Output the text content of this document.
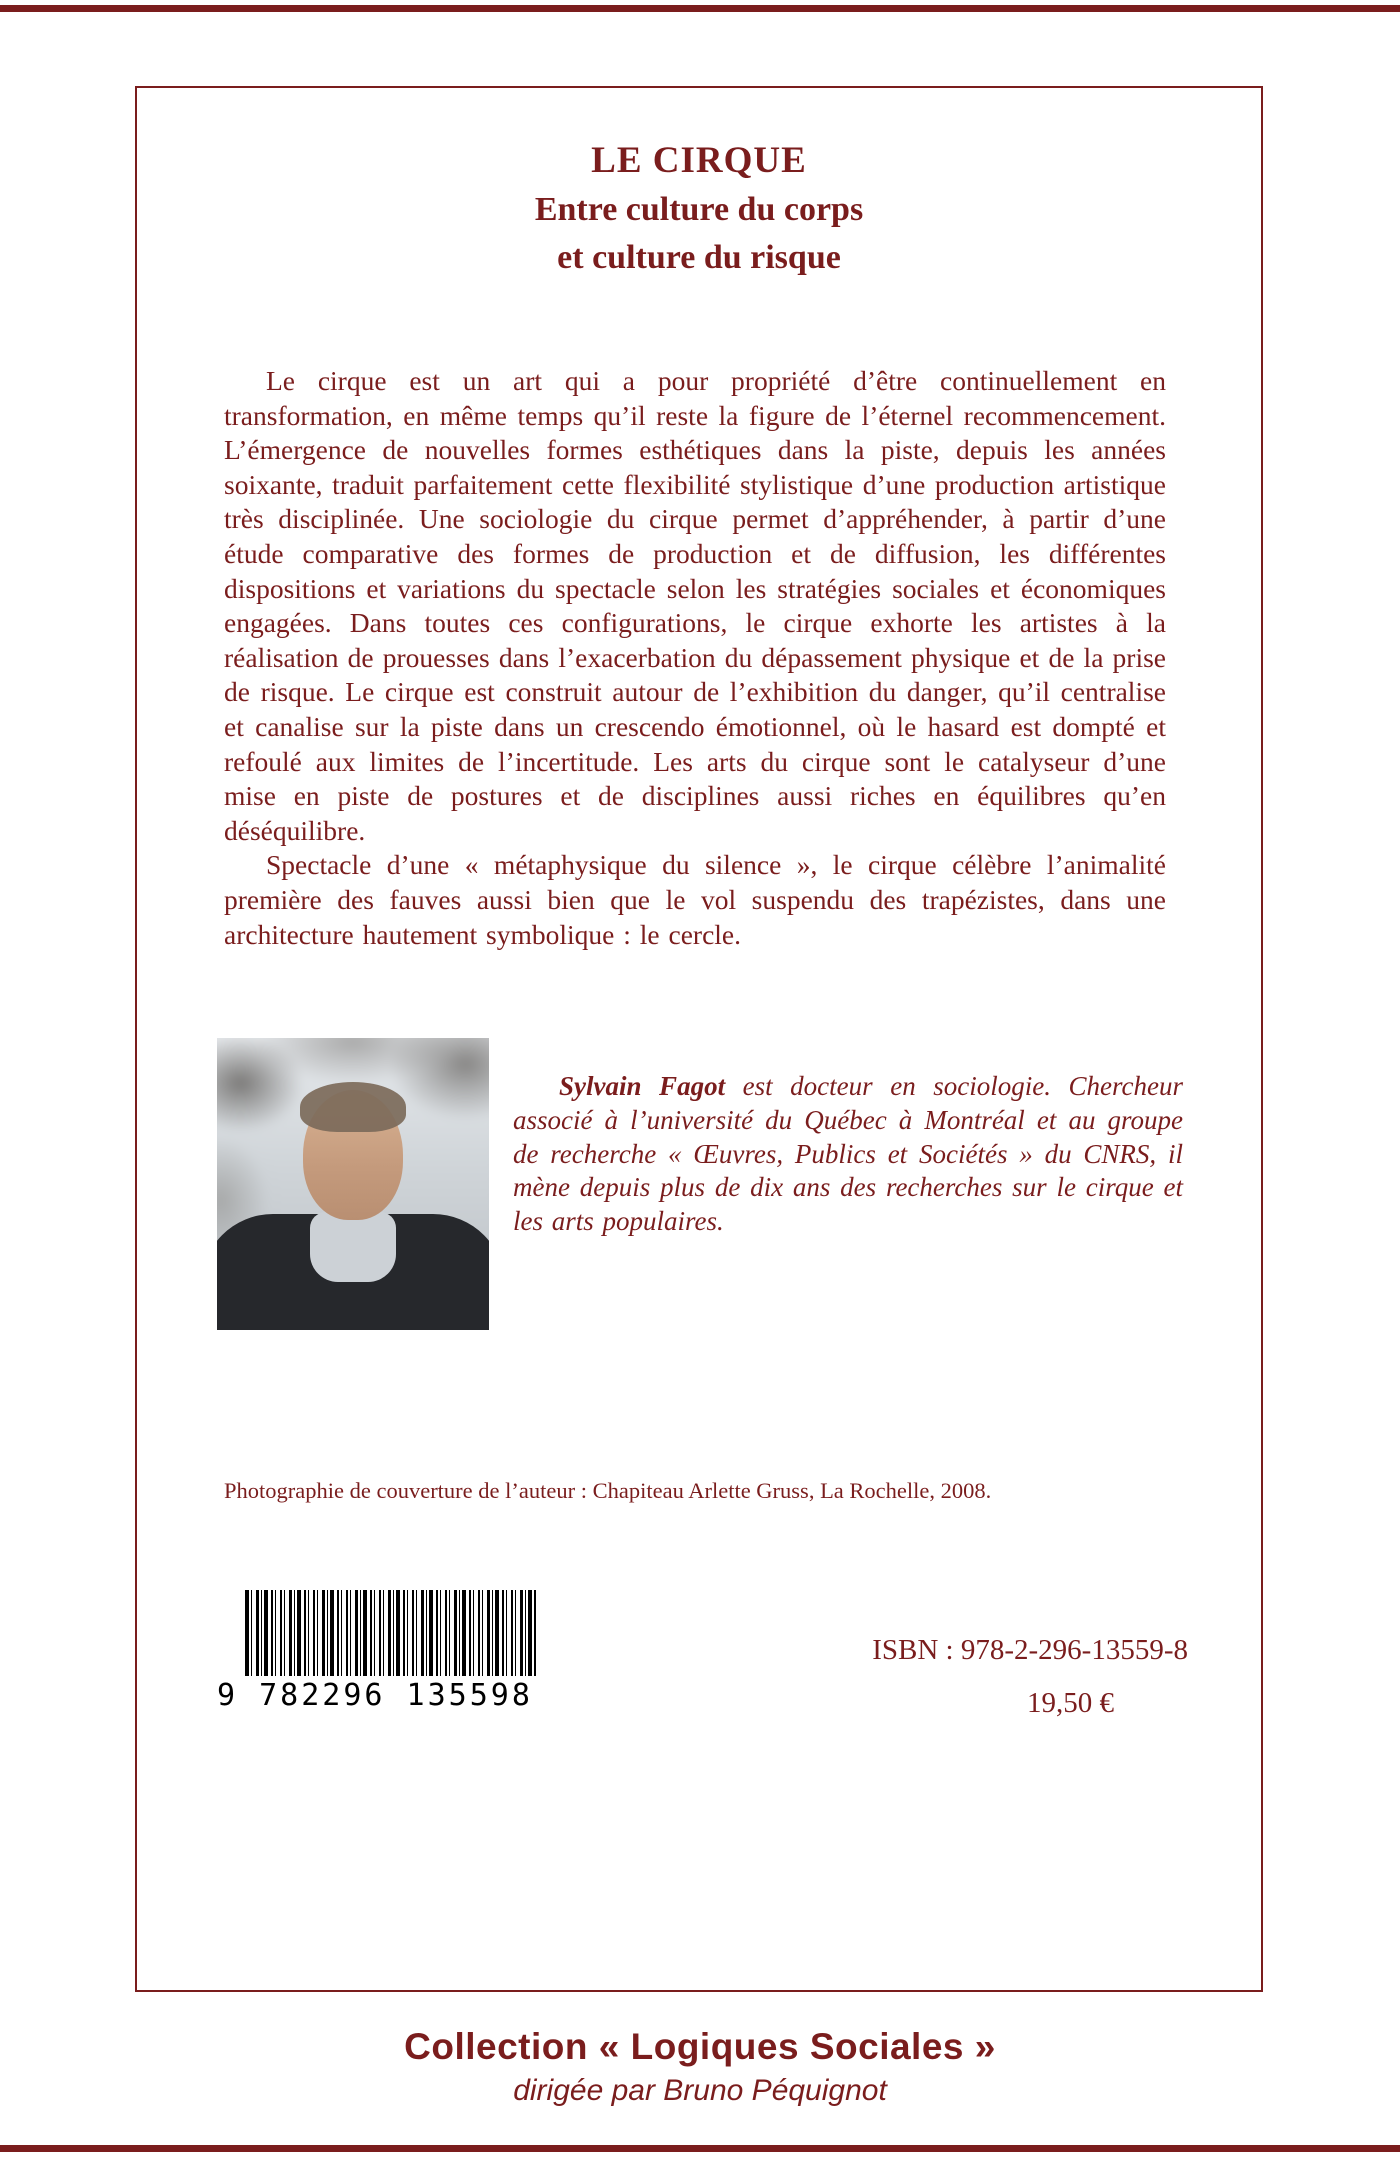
LE CIRQUE
Entre culture du corps
et culture du risque

Le cirque est un art qui a pour propriété d’être continuellement en transformation, en même temps qu’il reste la figure de l’éternel recommencement. L’émergence de nouvelles formes esthétiques dans la piste, depuis les années soixante, traduit parfaitement cette flexibilité stylistique d’une production artistique très disciplinée. Une sociologie du cirque permet d’appréhender, à partir d’une étude comparative des formes de production et de diffusion, les différentes dispositions et variations du spectacle selon les stratégies sociales et économiques engagées. Dans toutes ces configurations, le cirque exhorte les artistes à la réalisation de prouesses dans l’exacerbation du dépassement physique et de la prise de risque. Le cirque est construit autour de l’exhibition du danger, qu’il centralise et canalise sur la piste dans un crescendo émotionnel, où le hasard est dompté et refoulé aux limites de l’incertitude. Les arts du cirque sont le catalyseur d’une mise en piste de postures et de disciplines aussi riches en équilibres qu’en déséquilibre.

Spectacle d’une « métaphysique du silence », le cirque célèbre l’animalité première des fauves aussi bien que le vol suspendu des trapézistes, dans une architecture hautement symbolique : le cercle.

Sylvain Fagot est docteur en sociologie. Chercheur associé à l’université du Québec à Montréal et au groupe de recherche « Œuvres, Publics et Sociétés » du CNRS, il mène depuis plus de dix ans des recherches sur le cirque et les arts populaires.

Photographie de couverture de l’auteur : Chapiteau Arlette Gruss, La Rochelle, 2008.
9 782296 135598

ISBN : 978-2-296-13559-8

19,50 €

Collection « Logiques Sociales »

dirigée par Bruno Péquignot
